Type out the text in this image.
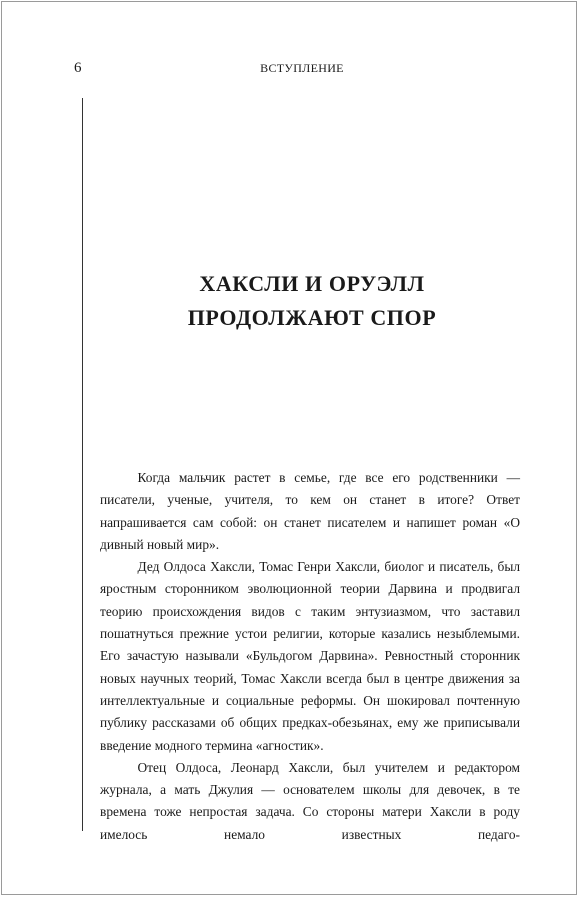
6	ВСТУПЛЕНИЕ
ХАКСЛИ И ОРУЭЛЛ
ПРОДОЛЖАЮТ СПОР

Когда мальчик растет в семье, где все его родственники — писатели, ученые, учителя, то кем он станет в итоге? Ответ напрашивается сам собой: он станет писателем и напишет роман «О дивный новый мир».

Дед Олдоса Хаксли, Томас Генри Хаксли, биолог и писатель, был яростным сторонником эволюционной теории Дарвина и продвигал теорию происхождения видов с таким энтузиазмом, что заставил пошатнуться прежние устои религии, которые казались незыблемыми. Его зачастую называли «Бульдогом Дарвина». Ревностный сторонник новых научных теорий, Томас Хаксли всегда был в центре движения за интеллектуальные и социальные реформы. Он шокировал почтенную публику рассказами об общих предках-обезьянах, ему же приписывали введение модного термина «агностик».

Отец Олдоса, Леонард Хаксли, был учителем и редактором журнала, а мать Джулия — основателем школы для девочек, в те времена тоже непростая задача. Со стороны матери Хаксли в роду имелось немало известных педаго-
